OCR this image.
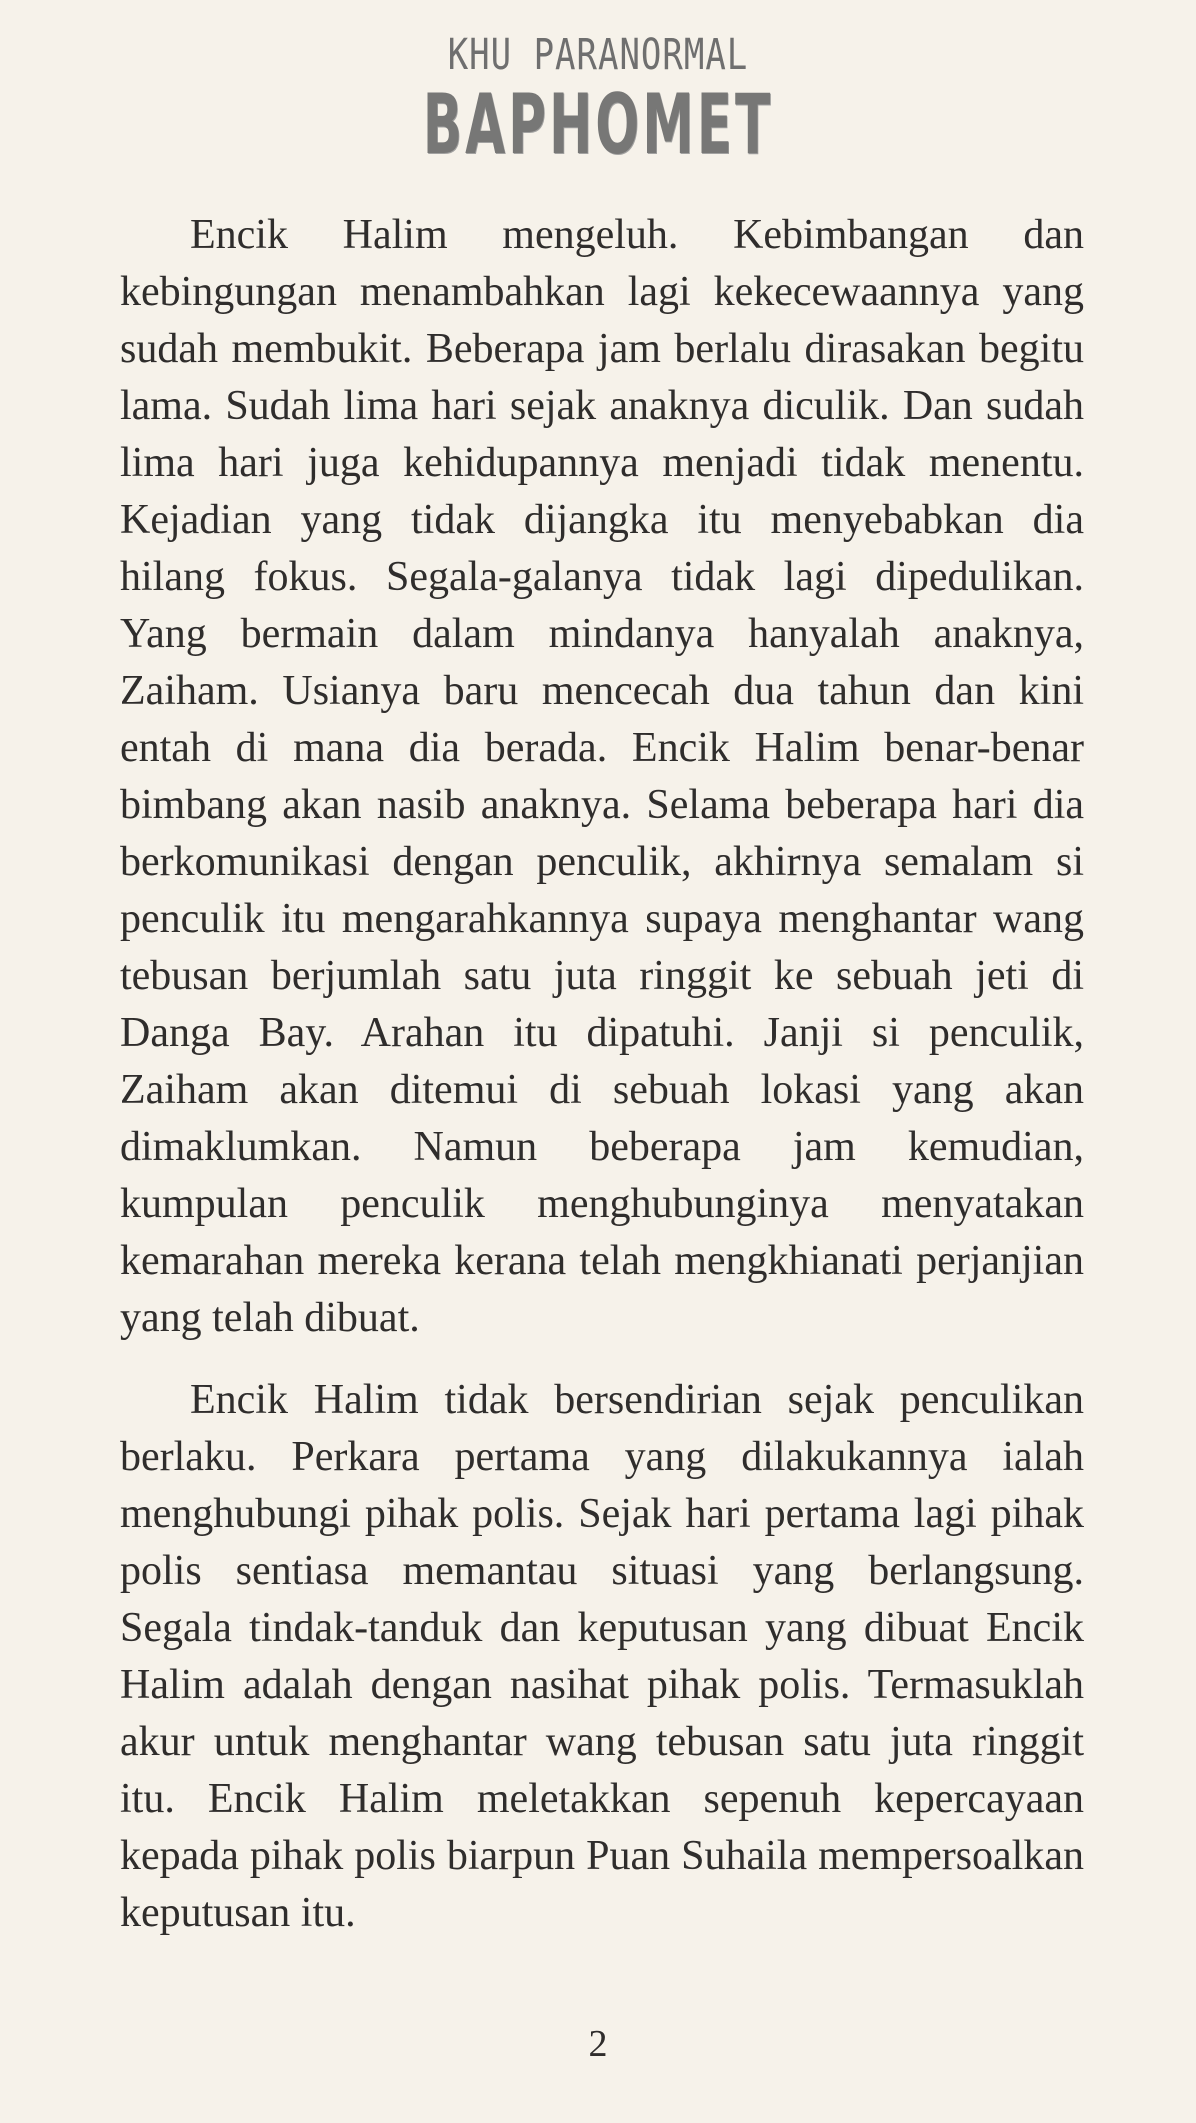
KHU PARANORMAL
BAPHOMET

Encik Halim mengeluh. Kebimbangan dan kebingungan menambahkan lagi kekecewaannya yang sudah membukit. Beberapa jam berlalu dirasakan begitu lama. Sudah lima hari sejak anaknya diculik. Dan sudah lima hari juga kehidupannya menjadi tidak menentu. Kejadian yang tidak dijangka itu menyebabkan dia hilang fokus. Segala-galanya tidak lagi dipedulikan. Yang bermain dalam mindanya hanyalah anaknya, Zaiham. Usianya baru mencecah dua tahun dan kini entah di mana dia berada. Encik Halim benar-benar bimbang akan nasib anaknya. Selama beberapa hari dia berkomunikasi dengan penculik, akhirnya semalam si penculik itu mengarahkannya supaya menghantar wang tebusan berjumlah satu juta ringgit ke sebuah jeti di Danga Bay. Arahan itu dipatuhi. Janji si penculik, Zaiham akan ditemui di sebuah lokasi yang akan dimaklumkan. Namun beberapa jam kemudian, kumpulan penculik menghubunginya menyatakan kemarahan mereka kerana telah mengkhianati perjanjian yang telah dibuat.

Encik Halim tidak bersendirian sejak penculikan berlaku. Perkara pertama yang dilakukannya ialah menghubungi pihak polis. Sejak hari pertama lagi pihak polis sentiasa memantau situasi yang berlangsung. Segala tindak-tanduk dan keputusan yang dibuat Encik Halim adalah dengan nasihat pihak polis. Termasuklah akur untuk menghantar wang tebusan satu juta ringgit itu. Encik Halim meletakkan sepenuh kepercayaan kepada pihak polis biarpun Puan Suhaila mempersoalkan keputusan itu.

2
